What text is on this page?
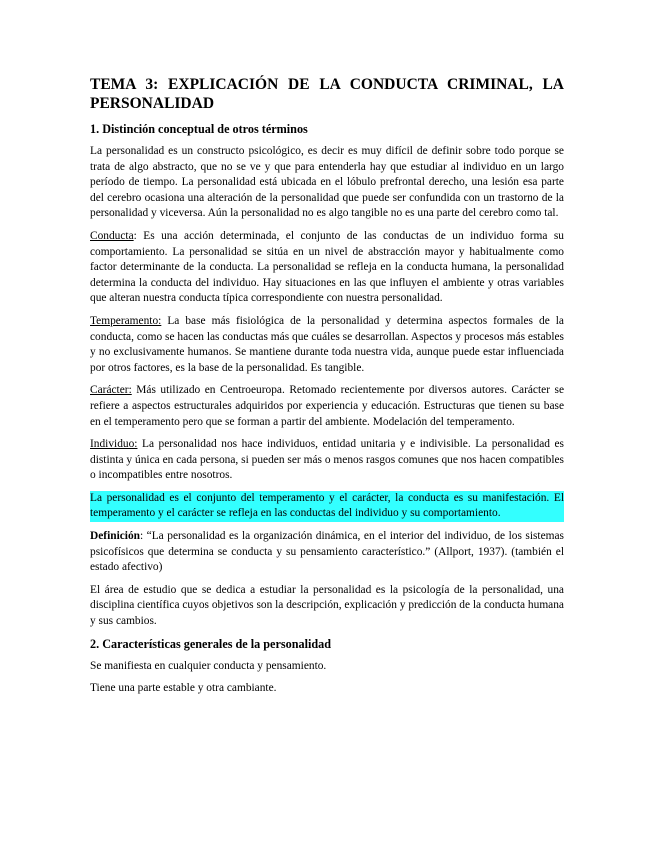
TEMA 3: EXPLICACIÓN DE LA CONDUCTA CRIMINAL, LA PERSONALIDAD
1. Distinción conceptual de otros términos

La personalidad es un constructo psicológico, es decir es muy difícil de definir sobre todo porque se trata de algo abstracto, que no se ve y que para entenderla hay que estudiar al individuo en un largo período de tiempo. La personalidad está ubicada en el lóbulo prefrontal derecho, una lesión esa parte del cerebro ocasiona una alteración de la personalidad que puede ser confundida con un trastorno de la personalidad y viceversa. Aún la personalidad no es algo tangible no es una parte del cerebro como tal.

Conducta: Es una acción determinada, el conjunto de las conductas de un individuo forma su comportamiento. La personalidad se sitúa en un nivel de abstracción mayor y habitualmente como factor determinante de la conducta. La personalidad se refleja en la conducta humana, la personalidad determina la conducta del individuo. Hay situaciones en las que influyen el ambiente y otras variables que alteran nuestra conducta típica correspondiente con nuestra personalidad.

Temperamento: La base más fisiológica de la personalidad y determina aspectos formales de la conducta, como se hacen las conductas más que cuáles se desarrollan. Aspectos y procesos más estables y no exclusivamente humanos. Se mantiene durante toda nuestra vida, aunque puede estar influenciada por otros factores, es la base de la personalidad. Es tangible.

Carácter: Más utilizado en Centroeuropa. Retomado recientemente por diversos autores. Carácter se refiere a aspectos estructurales adquiridos por experiencia y educación. Estructuras que tienen su base en el temperamento pero que se forman a partir del ambiente. Modelación del temperamento.

Individuo: La personalidad nos hace individuos, entidad unitaria y e indivisible. La personalidad es distinta y única en cada persona, si pueden ser más o menos rasgos comunes que nos hacen compatibles o incompatibles entre nosotros.

La personalidad es el conjunto del temperamento y el carácter, la conducta es su manifestación. El temperamento y el carácter se refleja en las conductas del individuo y su comportamiento.

Definición: “La personalidad es la organización dinámica, en el interior del individuo, de los sistemas psicofísicos que determina se conducta y su pensamiento característico.” (Allport, 1937). (también el estado afectivo)

El área de estudio que se dedica a estudiar la personalidad es la psicología de la personalidad, una disciplina científica cuyos objetivos son la descripción, explicación y predicción de la conducta humana y sus cambios.

2. Características generales de la personalidad

Se manifiesta en cualquier conducta y pensamiento.

Tiene una parte estable y otra cambiante.
